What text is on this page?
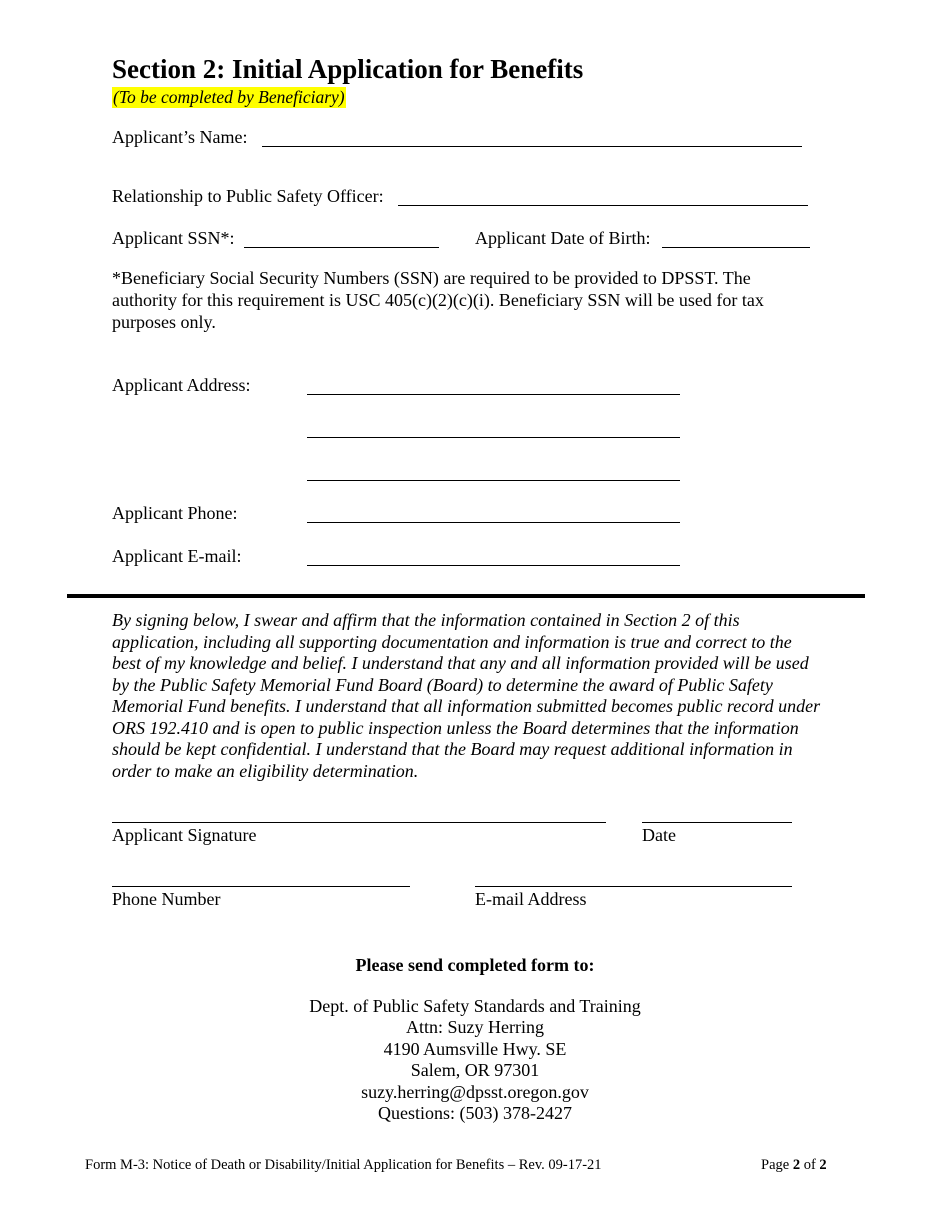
Section 2: Initial Application for Benefits
(To be completed by Beneficiary)
Applicant’s Name:
Relationship to Public Safety Officer:
Applicant SSN*:	Applicant Date of Birth:
*Beneficiary Social Security Numbers (SSN) are required to be provided to DPSST. The authority for this requirement is USC 405(c)(2)(c)(i). Beneficiary SSN will be used for tax purposes only.
Applicant Address:
Applicant Phone:
Applicant E-mail:
By signing below, I swear and affirm that the information contained in Section 2 of this application, including all supporting documentation and information is true and correct to the best of my knowledge and belief. I understand that any and all information provided will be used by the Public Safety Memorial Fund Board (Board) to determine the award of Public Safety Memorial Fund benefits. I understand that all information submitted becomes public record under ORS 192.410 and is open to public inspection unless the Board determines that the information should be kept confidential. I understand that the Board may request additional information in order to make an eligibility determination.
Applicant Signature	Date
Phone Number	E-mail Address
Please send completed form to:
Dept. of Public Safety Standards and Training
Attn: Suzy Herring
4190 Aumsville Hwy. SE
Salem, OR 97301
suzy.herring@dpsst.oregon.gov
Questions: (503) 378-2427
Form M-3: Notice of Death or Disability/Initial Application for Benefits – Rev. 09-17-21	Page 2 of 2
